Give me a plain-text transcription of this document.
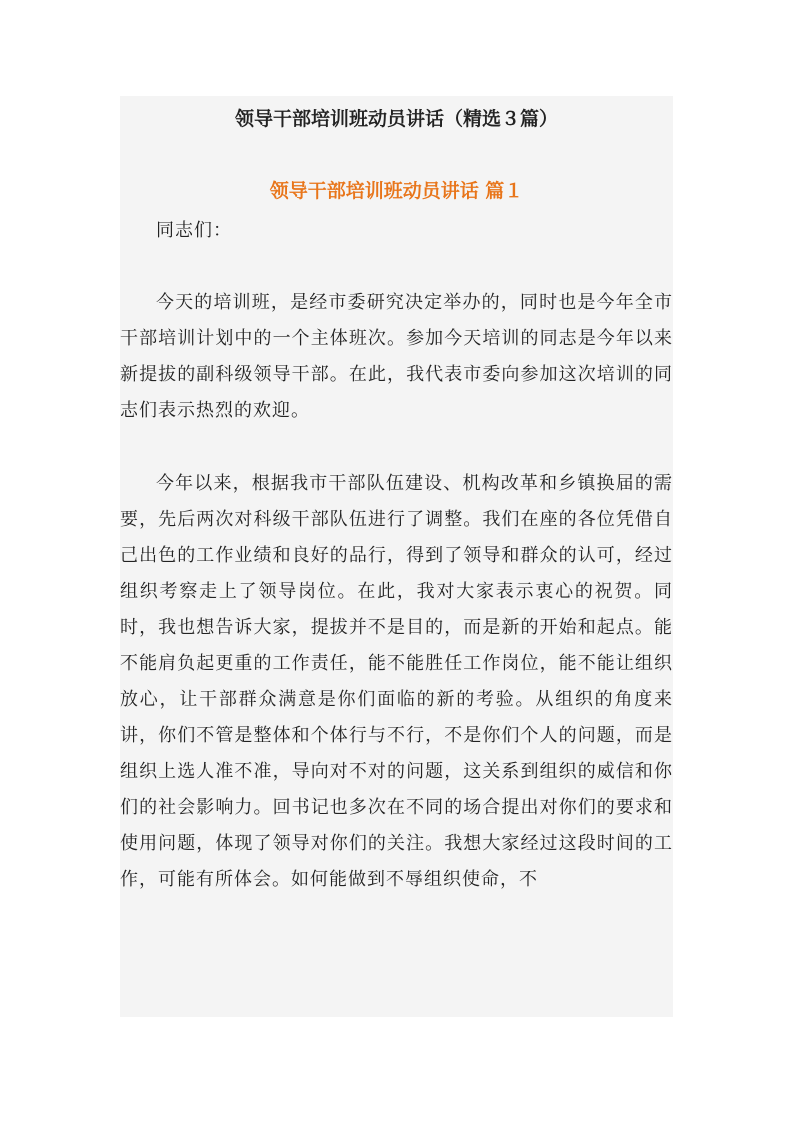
领导干部培训班动员讲话（精选３篇）
领导干部培训班动员讲话 篇１

同志们：

今天的培训班，是经市委研究决定举办的，同时也是今年全市干部培训计划中的一个主体班次。参加今天培训的同志是今年以来新提拔的副科级领导干部。在此，我代表市委向参加这次培训的同志们表示热烈的欢迎。

今年以来，根据我市干部队伍建设、机构改革和乡镇换届的需要，先后两次对科级干部队伍进行了调整。我们在座的各位凭借自己出色的工作业绩和良好的品行，得到了领导和群众的认可，经过组织考察走上了领导岗位。在此，我对大家表示衷心的祝贺。同时，我也想告诉大家，提拔并不是目的，而是新的开始和起点。能不能肩负起更重的工作责任，能不能胜任工作岗位，能不能让组织放心，让干部群众满意是你们面临的新的考验。从组织的角度来讲，你们不管是整体和个体行与不行，不是你们个人的问题，而是组织上选人准不准，导向对不对的问题，这关系到组织的威信和你们的社会影响力。回书记也多次在不同的场合提出对你们的要求和使用问题，体现了领导对你们的关注。我想大家经过这段时间的工作，可能有所体会。如何能做到不辱组织使命，不
